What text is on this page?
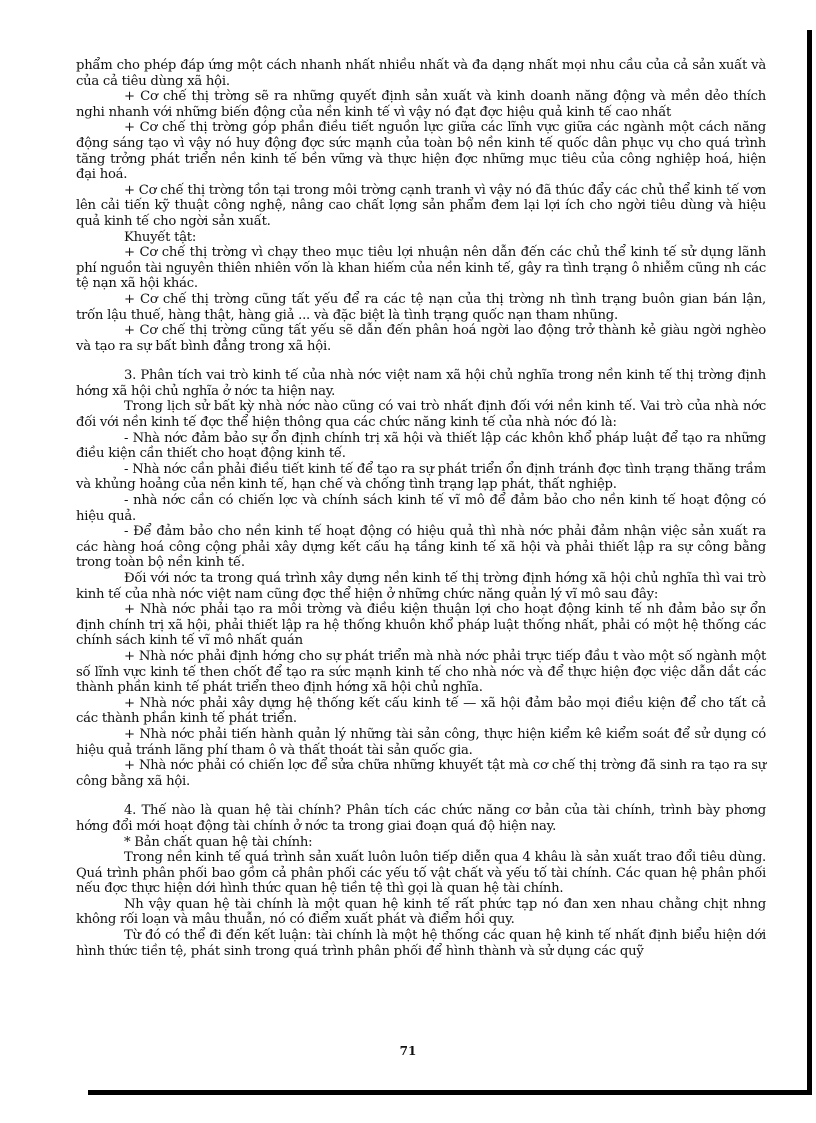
phẩm cho phép đáp ứng một cách nhanh nhất nhiều nhất và đa dạng nhất mọi nhu cầu của cả sản xuất và của cả tiêu dùng xã hội.

+ Cơ chế thị trờng sẽ ra những quyết định sản xuất và kinh doanh năng động và mền dẻo thích nghi nhanh với những biến động của nền kinh tế vì vậy nó đạt đợc hiệu quả kinh tế cao nhất

+ Cơ chế thị trờng góp phần điều tiết nguồn lực giữa các lĩnh vực giữa các ngành một cách năng động sáng tạo vì vậy nó huy động đợc sức mạnh của toàn bộ nền kinh tế quốc dân phục vụ cho quá trình tăng trởng phát triển nền kinh tế bền vững và thực hiện đợc những mục tiêu của công nghiệp hoá, hiện đại hoá.

+ Cơ chế thị trờng tồn tại trong môi trờng cạnh tranh vì vậy nó đã thúc đẩy các chủ thể kinh tế vơn lên cải tiến kỹ thuật công nghệ, nâng cao chất lợng sản phẩm đem lại lợi ích cho ngời tiêu dùng và hiệu quả kinh tế cho ngời sản xuất.

Khuyết tật:

+ Cơ chế thị trờng vì chạy theo mục tiêu lợi nhuận nên dẫn đến các chủ thể kinh tế sử dụng lãnh phí nguồn tài nguyên thiên nhiên vốn là khan hiếm của nền kinh tế, gây ra tình trạng ô nhiễm cũng nh các tệ nạn xã hội khác.

+ Cơ chế thị trờng cũng tất yếu để ra các tệ nạn của thị trờng nh tình trạng buôn gian bán lận, trốn lậu thuế, hàng thật, hàng giả ... và đặc biệt là tình trạng quốc nạn tham nhũng.

+ Cơ chế thị trờng cũng tất yếu sẽ dẫn đến phân hoá ngời lao động trở thành kẻ giàu ngời nghèo và tạo ra sự bất bình đẳng trong xã hội.

3. Phân tích vai trò kinh tế của nhà nớc việt nam xã hội chủ nghĩa trong nền kinh tế thị trờng định hớng xã hội chủ nghĩa ở nớc ta hiện nay.

Trong lịch sử bất kỳ nhà nớc nào cũng có vai trò nhất định đối với nền kinh tế. Vai trò của nhà nớc đối với nền kinh tế đợc thể hiện thông qua các chức năng kinh tế của nhà nớc đó là:

- Nhà nớc đảm bảo sự ổn định chính trị xã hội và thiết lập các khôn khổ pháp luật để tạo ra những điều kiện cần thiết cho hoạt động kinh tế.

- Nhà nớc cần phải điều tiết kinh tế để tạo ra sự phát triển ổn định tránh đợc tình trạng thăng trầm và khủng hoảng của nền kinh tế, hạn chế và chống tình trạng lạp phát, thất nghiệp.

- nhà nớc cần có chiến lợc và chính sách kinh tế vĩ mô để đảm bảo cho nền kinh tế hoạt động có hiệu quả.

- Để đảm bảo cho nền kinh tế hoạt động có hiệu quả thì nhà nớc phải đảm nhận việc sản xuất ra các hàng hoá công cộng phải xây dựng kết cấu hạ tầng kinh tế xã hội và phải thiết lập ra sự công bằng trong toàn bộ nền kinh tế.

Đối với nớc ta trong quá trình xây dựng nền kinh tế thị trờng định hớng xã hội chủ nghĩa thì vai trò kinh tế của nhà nớc việt nam cũng đợc thể hiện ở những chức năng quản lý vĩ mô sau đây:

+ Nhà nớc phải tạo ra môi trờng và điều kiện thuận lợi cho hoạt động kinh tế nh đảm bảo sự ổn định chính trị xã hội, phải thiết lập ra hệ thống khuôn khổ pháp luật thống nhất, phải có một hệ thống các chính sách kinh tế vĩ mô nhất quán

+ Nhà nớc phải định hớng cho sự phát triển mà nhà nớc phải trực tiếp đầu t vào một số ngành một số lĩnh vực kinh tế then chốt để tạo ra sức mạnh kinh tế cho nhà nớc và để thực hiện đợc việc dẫn dắt các thành phần kinh tế phát triển theo định hớng xã hội chủ nghĩa.

+ Nhà nớc phải xây dựng hệ thống kết cấu kinh tế — xã hội đảm bảo mọi điều kiện để cho tất cả các thành phần kinh tế phát triển.

+ Nhà nớc phải tiến hành quản lý những tài sản công, thực hiện kiểm kê kiểm soát để sử dụng có hiệu quả tránh lãng phí tham ô và thất thoát tài sản quốc gia.

+ Nhà nớc phải có chiến lợc để sửa chữa những khuyết tật mà cơ chế thị trờng đã sinh ra tạo ra sự công bằng xã hội.

4. Thế nào là quan hệ tài chính? Phân tích các chức năng cơ bản của tài chính, trình bày phơng hớng đổi mới hoạt động tài chính ở nớc ta trong giai đoạn quá độ hiện nay.

* Bản chất quan hệ tài chính:

Trong nền kinh tế quá trình sản xuất luôn luôn tiếp diễn qua 4 khâu là sản xuất trao đổi tiêu dùng. Quá trình phân phối bao gồm cả phân phối các yếu tố vật chất và yếu tố tài chính. Các quan hệ phân phối nếu đợc thực hiện dới hình thức quan hệ tiền tệ thì gọi là quan hệ tài chính.

Nh vậy quan hệ tài chính là một quan hệ kinh tế rất phức tạp nó đan xen nhau chằng chịt nhng không rối loạn và mâu thuẫn, nó có điểm xuất phát và điểm hồi quy.

Từ đó có thể đi đến kết luận: tài chính là một hệ thống các quan hệ kinh tế nhất định biểu hiện dới hình thức tiền tệ, phát sinh trong quá trình phân phối để hình thành và sử dụng các quỹ

71
